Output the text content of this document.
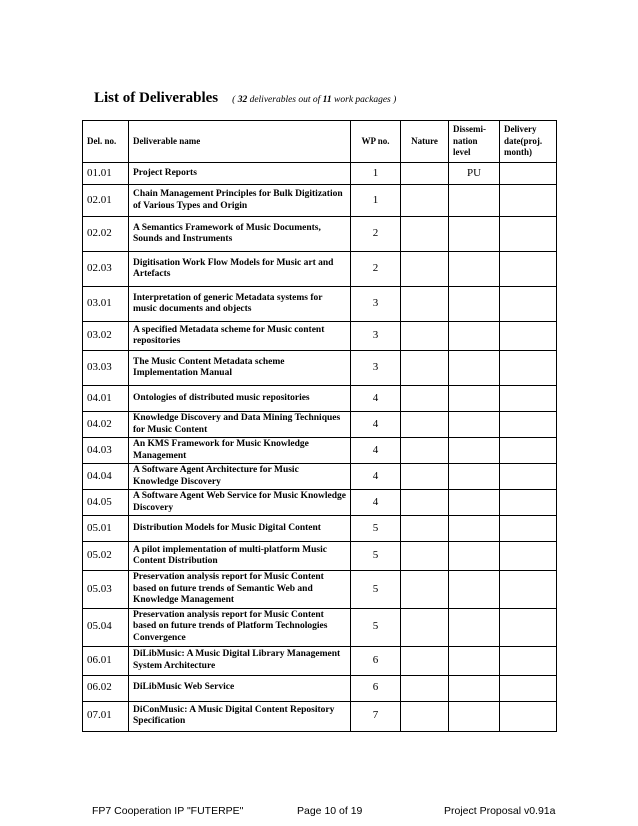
List of Deliverables ( 32 deliverables out of 11 work packages )
Del. no.	Deliverable name	WP no.	Nature	Dissemi-nation level	Delivery date(proj. month)
01.01	Project Reports	1		PU	
02.01	Chain Management Principles for Bulk Digitization of Various Types and Origin	1			
02.02	A Semantics Framework of Music Documents, Sounds and Instruments	2			
02.03	Digitisation Work Flow Models for Music art and Artefacts	2			
03.01	Interpretation of generic Metadata systems for music documents and objects	3			
03.02	A specified Metadata scheme for Music content repositories	3			
03.03	The Music Content Metadata scheme Implementation Manual	3			
04.01	Ontologies of distributed music repositories	4			
04.02	Knowledge Discovery and Data Mining Techniques for Music Content	4			
04.03	An KMS Framework for Music Knowledge Management	4			
04.04	A Software Agent Architecture for Music Knowledge Discovery	4			
04.05	A Software Agent Web Service for Music Knowledge Discovery	4			
05.01	Distribution Models for Music Digital Content	5			
05.02	A pilot implementation of multi-platform Music Content Distribution	5			
05.03	Preservation analysis report for Music Content based on future trends of Semantic Web and Knowledge Management	5			
05.04	Preservation analysis report for Music Content based on future trends of Platform Technologies Convergence	5			
06.01	DiLibMusic: A Music Digital Library Management System Architecture	6			
06.02	DiLibMusic Web Service	6			
07.01	DiConMusic: A Music Digital Content Repository Specification	7			
FP7 Cooperation IP "FUTERPE"	Page 10 of 19	Project Proposal v0.91a
